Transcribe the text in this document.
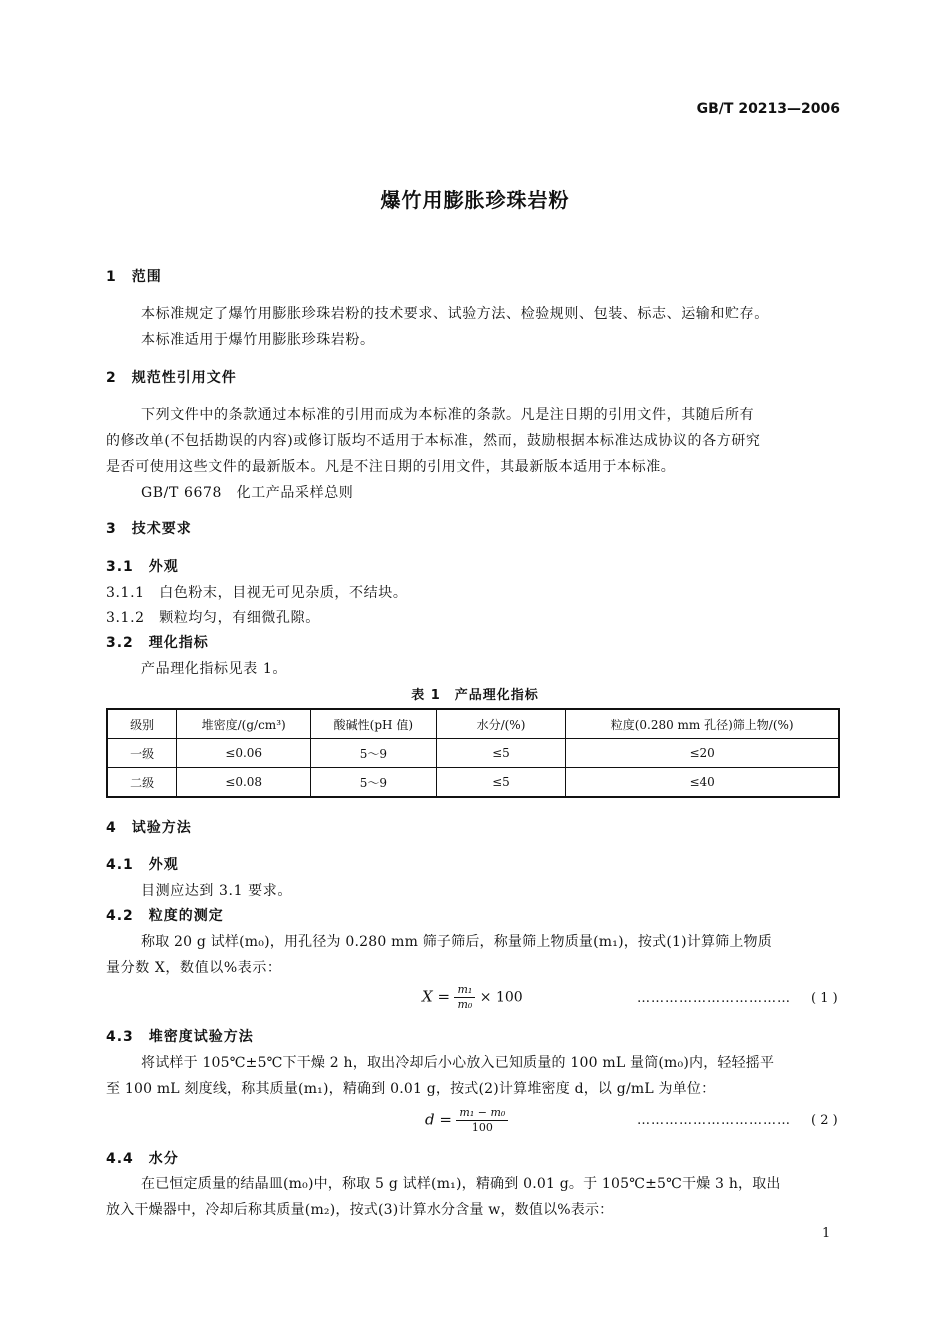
GB/T 20213—2006
爆竹用膨胀珍珠岩粉
1　范围
本标准规定了爆竹用膨胀珍珠岩粉的技术要求、试验方法、检验规则、包装、标志、运输和贮存。
本标准适用于爆竹用膨胀珍珠岩粉。
2　规范性引用文件
下列文件中的条款通过本标准的引用而成为本标准的条款。凡是注日期的引用文件，其随后所有
的修改单(不包括勘误的内容)或修订版均不适用于本标准，然而，鼓励根据本标准达成协议的各方研究
是否可使用这些文件的最新版本。凡是不注日期的引用文件，其最新版本适用于本标准。
GB/T 6678　化工产品采样总则
3　技术要求
3.1　外观
3.1.1　白色粉末，目视无可见杂质，不结块。
3.1.2　颗粒均匀，有细微孔隙。
3.2　理化指标
产品理化指标见表 1。
表 1　产品理化指标
级别	堆密度/(g/cm³)	酸碱性(pH 值)	水分/(%)	粒度(0.280 mm 孔径)筛上物/(%)
一级	≤0.06	5～9	≤5	≤20
二级	≤0.08	5～9	≤5	≤40
4　试验方法
4.1　外观
目测应达到 3.1 要求。
4.2　粒度的测定
称取 20 g 试样(m₀)，用孔径为 0.280 mm 筛子筛后，称量筛上物质量(m₁)，按式(1)计算筛上物质
量分数 X，数值以%表示：
$X = \frac{\text{m₁}}{\text{m₀}} \times 100$	…………………………… ( 1 )
4.3　堆密度试验方法
将试样于 105℃±5℃下干燥 2 h，取出冷却后小心放入已知质量的 100 mL 量筒(m₀)内，轻轻摇平
至 100 mL 刻度线，称其质量(m₁)，精确到 0.01 g，按式(2)计算堆密度 d，以 g/mL 为单位：
$d = \frac{\text{m₁ − m₀}}{100}$	…………………………… ( 2 )
4.4　水分
在已恒定质量的结晶皿(m₀)中，称取 5 g 试样(m₁)，精确到 0.01 g。于 105℃±5℃干燥 3 h，取出
放入干燥器中，冷却后称其质量(m₂)，按式(3)计算水分含量 w，数值以%表示：
1
